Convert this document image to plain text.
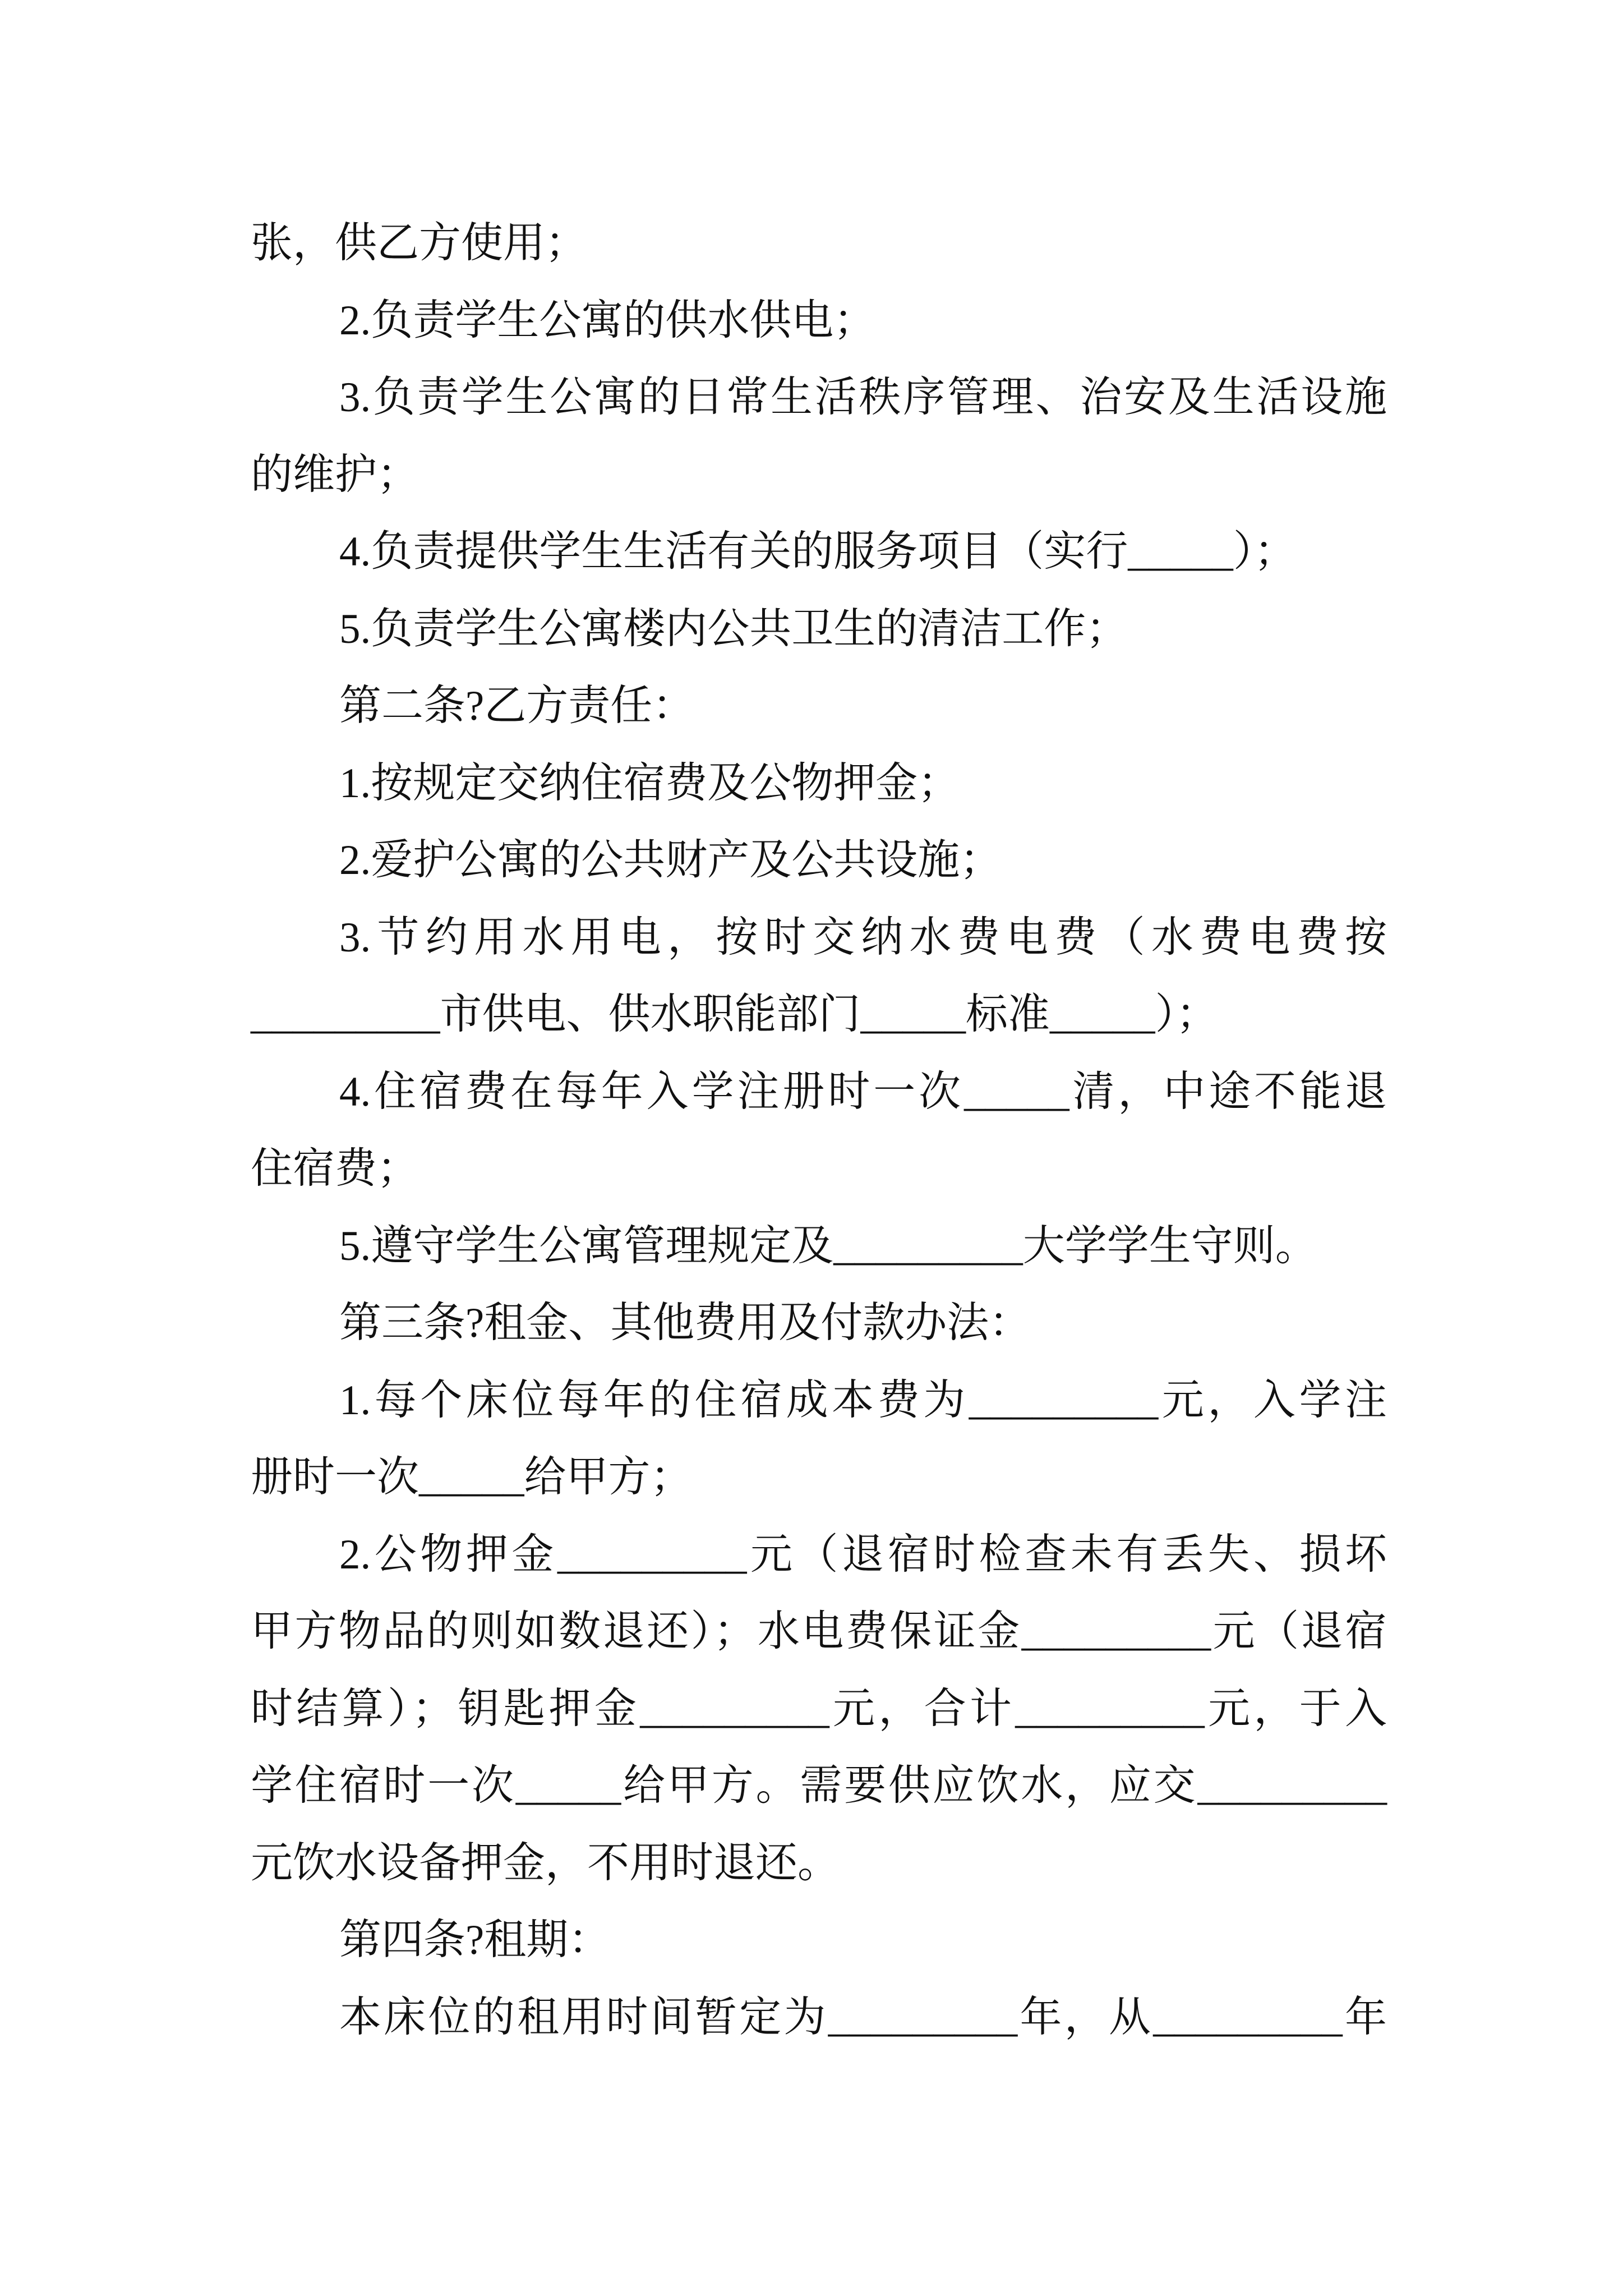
张，供乙方使用；
2.负责学生公寓的供水供电；
3.负责学生公寓的日常生活秩序管理、治安及生活设施
的维护；
4.负责提供学生生活有关的服务项目（实行_____）；
5.负责学生公寓楼内公共卫生的清洁工作；
第二条?乙方责任：
1.按规定交纳住宿费及公物押金；
2.爱护公寓的公共财产及公共设施；
3.节约用水用电，按时交纳水费电费（水费电费按
_________市供电、供水职能部门_____标准_____）；
4.住宿费在每年入学注册时一次_____清，中途不能退
住宿费；
5.遵守学生公寓管理规定及_________大学学生守则。
第三条?租金、其他费用及付款办法：
1.每个床位每年的住宿成本费为_________元，入学注
册时一次_____给甲方；
2.公物押金_________元（退宿时检查未有丢失、损坏
甲方物品的则如数退还）；水电费保证金_________元（退宿
时结算）；钥匙押金_________元，合计_________元，于入
学住宿时一次_____给甲方。需要供应饮水，应交_________
元饮水设备押金，不用时退还。
第四条?租期：
本床位的租用时间暂定为_________年，从_________年
